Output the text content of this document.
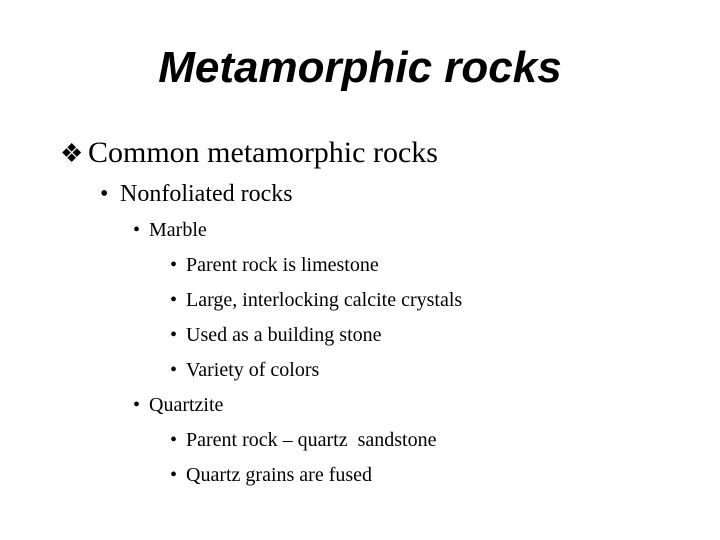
Metamorphic rocks
❖ Common metamorphic rocks
• Nonfoliated rocks
• Marble
• Parent rock is limestone
• Large, interlocking calcite crystals
• Used as a building stone
• Variety of colors
• Quartzite
• Parent rock – quartz  sandstone
• Quartz grains are fused
